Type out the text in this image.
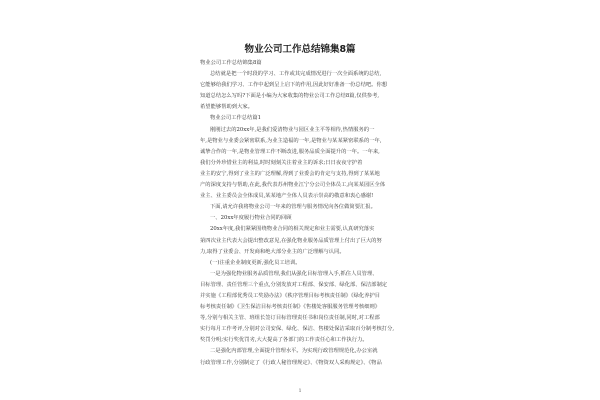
物业公司工作总结锦集8篇

物业公司工作总结锦集8篇

总结就是把一个时段的学习、工作或其完成情况进行一次全面系统的总结,

它能够给我们学习、工作中起到呈上启下的作用,因此好好准备一份总结吧。你想

知道总结怎么写吗?下面是小编为大家收集的物业公司工作总结8篇,仅供参考,

希望能够帮助到大家。

物业公司工作总结篇1

刚刚过去的20xx年,是我们爱清物业与园区业主平等相待,热情服务的一

年,是物业与业委会紧密联系,为业主造福的一年,是物业与某某紧密联系的一年,

诚挚合作的一年,是物业管理工作不断改进,服务品质全面提升的一年。一年来,

我们分外珍惜业主的利益,时时刻刻关注着业主的诉求;日日夜夜守护着

业主的安宁,得到了业主的广泛理解,得到了业委会的肯定与支持,得到了某某地

产的深度支持与帮助,在此,我代表苏州物业江宁分公司全体员工,向某某园区全体

业主、业主委员会全体成员,某某地产全体人员表示崇高的敬意和衷心感谢!

下面,请允许我将物业公司一年来的管理与服务情况向各位做简要汇报。

一、20xx年度履行物业合同的回顾

20xx年度,我们紧紧围绕物业合同的相关规定和业主需要,认真研究落实

第四次业主代表大会提出整改意见,在强化物业服务品质管理上付出了巨大的努

力,取得了业委会、开发商和绝大部分业主的广泛理解与认同。

(一)注重企业制度更新,强化员工培训。

一是为强化物业服务品质管理,我们从强化目标管理入手,抓住人员管理、

目标管理、责任管理三个重点,分别发放对工程部、保安部、绿化部、保洁部制定

并实施《工程部优秀员工奖励办法》《秩序管理目标考核责任制》《绿化养护目

标考核责任制》《卫生保洁目标考核责任制》《售楼处客服服务管理考核细则》

等,分别与相关主管、班组长签订目标管理责任书和岗位责任制,同时,对工程部

实行每月工作考评,分别对公司安保、绿化、保洁、售楼处保洁采取百分制考核打分,

奖罚分明;实行奖优罚劣,大大提高了各部门的工作责任心和工作执行力。

二是强化内部管理,全面提升管理水平。为实现行政管理规范化,办公室就

行政管理工作,分别制定了《行政人秘管理规定》、《物资双人采购规定》、《物品

1
